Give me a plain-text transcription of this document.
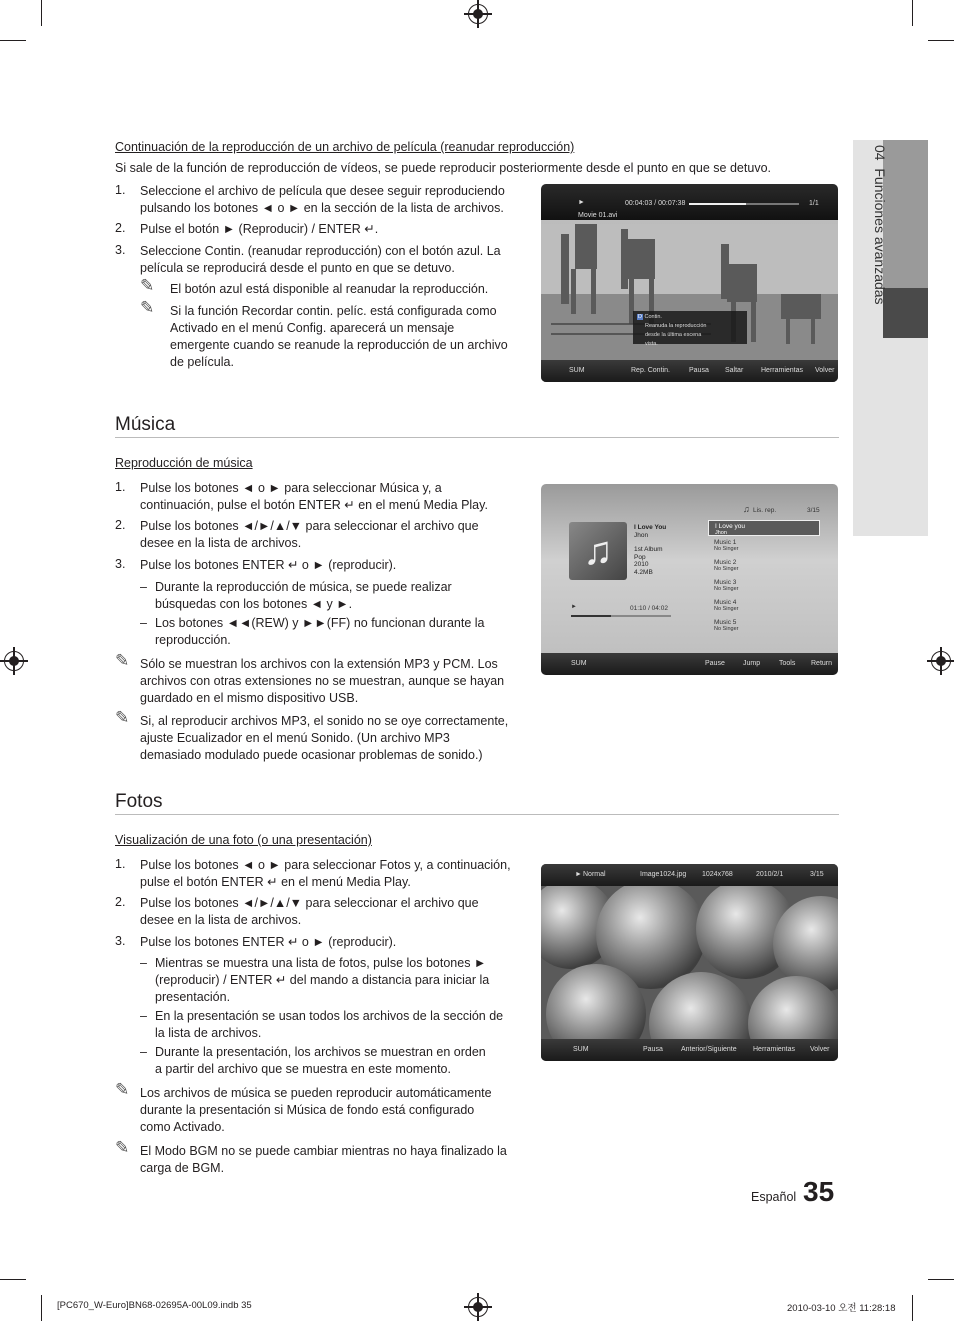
04  Funciones avanzadas
Continuación de la reproducción de un archivo de película (reanudar reproducción)
Si sale de la función de reproducción de vídeos, se puede reproducir posteriormente desde el punto en que se detuvo.
1. Seleccione el archivo de película que desee seguir reproduciendo pulsando los botones ◄ o ► en la sección de la lista de archivos.
2. Pulse el botón ► (Reproducir) / ENTER ↵.
3. Seleccione Contin. (reanudar reproducción) con el botón azul. La película se reproducirá desde el punto en que se detuvo.
✎ El botón azul está disponible al reanudar la reproducción.
✎ Si la función Recordar contin. pelíc. está configurada como Activado en el menú Config. aparecerá un mensaje emergente cuando se reanude la reproducción de un archivo de película.
►	00:04:03 / 00:07:38	1/1
Movie 01.avi
D Contin.
Reanuda la reproducción desde la última escena vista.
SUM	Rep. Contin.	Pausa Saltar	Herramientas Volver
Música
Reproducción de música
1. Pulse los botones ◄ o ► para seleccionar Música y, a continuación, pulse el botón ENTER ↵ en el menú Media Play.
2. Pulse los botones ◄/►/▲/▼ para seleccionar el archivo que desee en la lista de archivos.
3. Pulse los botones ENTER ↵ o ► (reproducir).
– Durante la reproducción de música, se puede realizar búsquedas con los botones ◄ y ►.
– Los botones ◄◄(REW) y ►►(FF) no funcionan durante la reproducción.
✎ Sólo se muestran los archivos con la extensión MP3 y PCM. Los archivos con otras extensiones no se muestran, aunque se hayan guardado en el mismo dispositivo USB.
✎ Si, al reproducir archivos MP3, el sonido no se oye correctamente, ajuste Ecualizador en el menú Sonido. (Un archivo MP3 demasiado modulado puede ocasionar problemas de sonido.)
♫ Lis. rep.	3/15
♫
I Love You
Jhon
1st Album
Pop
2010
4.2MB
►	01:10 / 04:02
I Love you
Jhon
Music 1
No Singer
Music 2
No Singer
Music 3
No Singer
Music 4
No Singer
Music 5
No Singer
SUM	Pause	Jump	Tools Return
Fotos
Visualización de una foto (o una presentación)
1. Pulse los botones ◄ o ► para seleccionar Fotos y, a continuación, pulse el botón ENTER ↵ en el menú Media Play.
2. Pulse los botones ◄/►/▲/▼ para seleccionar el archivo que desee en la lista de archivos.
3. Pulse los botones ENTER ↵ o ► (reproducir).
– Mientras se muestra una lista de fotos, pulse los botones ► (reproducir) / ENTER ↵ del mando a distancia para iniciar la presentación.
– En la presentación se usan todos los archivos de la sección de la lista de archivos.
– Durante la presentación, los archivos se muestran en orden a partir del archivo que se muestra en este momento.
✎ Los archivos de música se pueden reproducir automáticamente durante la presentación si Música de fondo está configurado como Activado.
✎ El Modo BGM no se puede cambiar mientras no haya finalizado la carga de BGM.
► Normal	Image1024.jpg 1024x768	2010/2/1	3/15
SUM	Pausa	Anterior/Siguiente Herramientas Volver
Español 35
[PC670_W-Euro]BN68-02695A-00L09.indb 35	2010-03-10 오전 11:28:18
